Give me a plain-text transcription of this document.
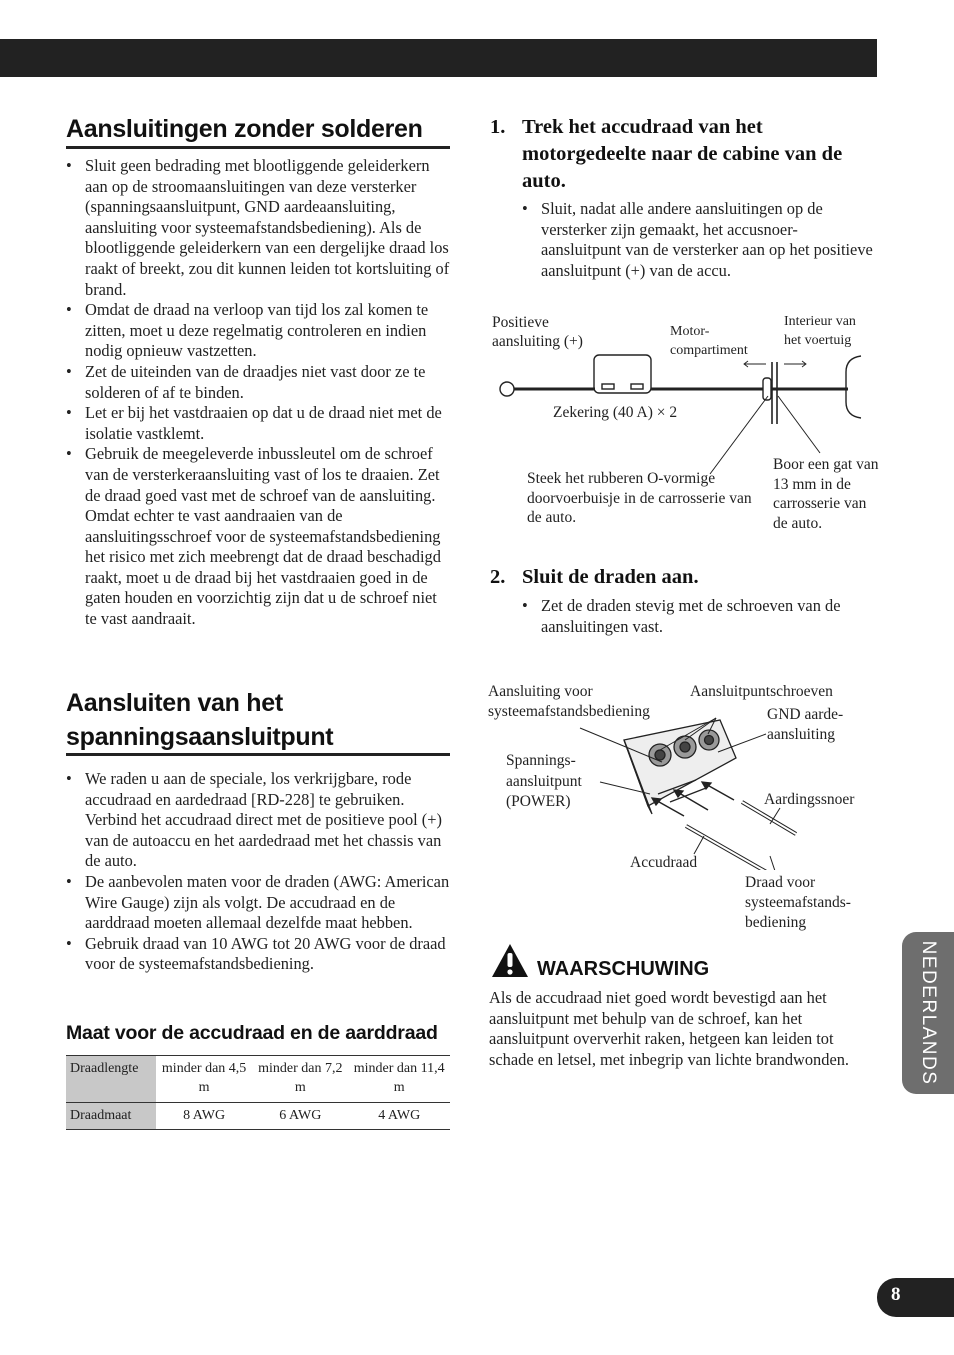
Aansluitingen zonder solderen
• Sluit geen bedrading met blootliggende geleiderkern aan op de stroomaansluitingen van deze versterker (spanningsaansluitpunt, GND aardeaansluiting, aansluiting voor systeemafstandsbediening). Als de blootliggende geleiderkern van een dergelijke draad los raakt of breekt, zou dit kunnen leiden tot kortsluiting of brand.
• Omdat de draad na verloop van tijd los zal komen te zitten, moet u deze regelmatig controleren en indien nodig opnieuw vastzetten.
• Zet de uiteinden van de draadjes niet vast door ze te solderen of af te binden.
• Let er bij het vastdraaien op dat u de draad niet met de isolatie vastklemt.
• Gebruik de meegeleverde inbussleutel om de schroef van de versterkeraansluiting vast of los te draaien. Zet de draad goed vast met de schroef van de aansluiting. Omdat echter te vast aandraaien van de aansluitingsschroef voor de systeemafstandsbediening het risico met zich meebrengt dat de draad beschadigd raakt, moet u de draad bij het vastdraaien goed in de gaten houden en voorzichtig zijn dat u de schroef niet te vast aandraait.
Aansluiten van het
spanningsaansluitpunt
• We raden u aan de speciale, los verkrijgbare, rode accudraad en aardedraad [RD-228] te gebruiken. Verbind het accudraad direct met de positieve pool (+) van de autoaccu en het aardedraad met het chassis van de auto.
• De aanbevolen maten voor de draden (AWG: American Wire Gauge) zijn als volgt. De accudraad en de aarddraad moeten allemaal dezelfde maat hebben.
• Gebruik draad van 10 AWG tot 20 AWG voor de draad voor de systeemafstandsbediening.
Maat voor de accudraad en de aarddraad
Draadlengte	minder dan 4,5 m	minder dan 7,2 m	minder dan 11,4 m
Draadmaat	8 AWG	6 AWG	4 AWG
1. Trek het accudraad van het motorgedeelte naar de cabine van de auto.
• Sluit, nadat alle andere aansluitingen op de versterker zijn gemaakt, het accusnoer-aansluitpunt van de versterker aan op het positieve aansluitpunt (+) van de accu.
Positieve
aansluiting (+)
Motor-
compartiment
Interieur van
het voertuig
Zekering (40 A) × 2
Steek het rubberen O-vormige doorvoerbuisje in de carrosserie van de auto.
Boor een gat van 13 mm in de carrosserie van de auto.
2. Sluit de draden aan.
• Zet de draden stevig met de schroeven van de aansluitingen vast.
Aansluiting voor
systeemafstandsbediening
Aansluitpuntschroeven
GND aarde-
aansluiting
Spannings-
aansluitpunt
(POWER)	Aardingssnoer
Accudraad
Draad voor
systeemafstands-
bediening
WAARSCHUWING
Als de accudraad niet goed wordt bevestigd aan het aansluitpunt met behulp van de schroef, kan het aansluitpunt oververhit raken, hetgeen kan leiden tot schade en letsel, met inbegrip van lichte brandwonden.	NEDERLANDS
8
